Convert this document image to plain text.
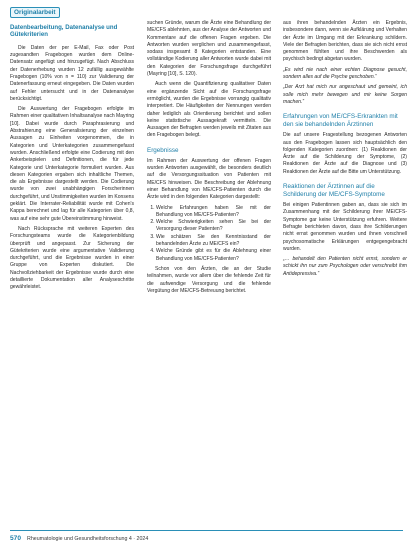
Originalarbeit
Datenbearbeitung, Datenanalyse und Gütekriterien

Die Daten der per E-Mail, Fax oder Post zugesandten Fragebogen wurden dem Online-Datensatz angefügt und hinzugefügt. Nach Abschluss der Datenerhebung wurden 12 zufällig ausgewählte Fragebogen (10% von n = 110) zur Validierung der Datenerfassung erneut eingegeben. Die Daten wurden auf Fehler untersucht und in der Datenanalyse berücksichtigt.

Die Auswertung der Fragebogen erfolgte im Rahmen einer qualitativen Inhaltsanalyse nach Mayring [10]. Dabei wurde durch Paraphrasierung und Abstrahierung eine Generalisierung der einzelnen Aussagen zu Einheiten vorgenommen, die in Kategorien und Unterkategorien zusammengefasst wurden. Anschließend erfolgte eine Codierung mit den Ankerbeispielen und Definitionen, die für jede Kategorie und Unterkategorie formuliert wurden. Aus diesen Kategorien ergaben sich inhaltliche Themen, die als Ergebnisse dargestellt werden. Die Codierung wurde von zwei unabhängigen Forscherinnen durchgeführt, und Unstimmigkeiten wurden im Konsens geklärt. Die Interrater-Reliabilität wurde mit Cohen's Kappa berechnet und lag für alle Kategorien über 0,8, was auf eine sehr gute Übereinstimmung hinweist.

Nach Rücksprache mit weiteren Experten des Forschungsteams wurde die Kategorienbildung überprüft und angepasst. Zur Sicherung der Gütekriterien wurde eine argumentative Validierung durchgeführt, und die Ergebnisse wurden in einer Gruppe von Experten diskutiert. Die Nachvollziehbarkeit der Ergebnisse wurde durch eine detaillierte Dokumentation aller Analyseschritte gewährleistet.

suchen Gründe, warum die Ärzte eine Behandlung der ME/CFS ablehnten, aus der Analyse der Antworten und Kommentare auf die offenen Fragen ergeben. Die Antworten wurden verglichen und zusammengefasst, sodass insgesamt 8 Kategorien entstanden. Eine vollständige Kodierung aller Antworten wurde dabei mit den Kategorien der Forschungsfrage durchgeführt (Mayring [10], S. 120).

Auch wenn die Quantifizierung qualitativer Daten eine ergänzende Sicht auf die Forschungsfrage ermöglicht, wurden die Ergebnisse vorrangig qualitativ interpretiert. Die Häufigkeiten der Nennungen werden daher lediglich als Orientierung berichtet und sollen keine statistische Aussagekraft vermitteln. Die Aussagen der Befragten werden jeweils mit Zitaten aus den Fragebogen belegt.

Ergebnisse

Im Rahmen der Auswertung der offenen Fragen wurden Antworten ausgewählt, die besonders deutlich auf die Versorgungssituation von Patienten mit ME/CFS hinweisen. Die Beschreibung der Ablehnung einer Behandlung von ME/CFS-Patienten durch die Ärzte wird in den folgenden Kategorien dargestellt:

1. Welche Erfahrungen haben Sie mit der Behandlung von ME/CFS-Patienten?
2. Welche Schwierigkeiten sehen Sie bei der Versorgung dieser Patienten?
3. Wie schätzen Sie den Kenntnisstand der behandelnden Ärzte zu ME/CFS ein?
4. Welche Gründe gibt es für die Ablehnung einer Behandlung von ME/CFS-Patienten?

Schon von den Ärzten, die an der Studie teilnahmen, wurde vor allem über die fehlende Zeit für die aufwendige Versorgung und die fehlende Vergütung der ME/CFS-Betreuung berichtet.

aus ihren behandelnden Ärzten ein Ergebnis, insbesondere dann, wenn sie Aufklärung und Verhalten der Ärzte im Umgang mit der Erkrankung schildern. Viele der Befragten berichten, dass sie sich nicht ernst genommen fühlten und ihre Beschwerden als psychisch bedingt abgetan wurden.

„Es wird nie nach einer echten Diagnose gesucht, sondern alles auf die Psyche geschoben.“

„Der Arzt hat mich nur angeschaut und gemeint, ich solle mich mehr bewegen und mir keine Sorgen machen.“

Erfahrungen von ME/CFS-Erkrankten mit den sie behandelnden Ärztinnen

Die auf unsere Fragestellung bezogenen Antworten aus den Fragebogen lassen sich hauptsächlich den folgenden Kategorien zuordnen: (1) Reaktionen der Ärzte auf die Schilderung der Symptome, (2) Reaktionen der Ärzte auf die Diagnose und (3) Reaktionen der Ärzte auf die Bitte um Unterstützung.

Reaktionen der Ärztinnen auf die Schilderung der ME/CFS-Symptome

Bei einigen Patientinnen gaben an, dass sie sich im Zusammenhang mit der Schilderung ihrer ME/CFS-Symptome gar keine Unterstützung erfuhren. Weitere Befragte berichteten davon, dass ihre Schilderungen nicht ernst genommen wurden und ihnen vorschnell psychosomatische Erklärungen entgegengebracht wurden.

„… behandelt den Patienten nicht ernst, sondern er schickt ihn nur zum Psychologen oder verschreibt ihm Antidepressiva.“

570 Rheumatologie und Gesundheitsforschung 4 · 2024
